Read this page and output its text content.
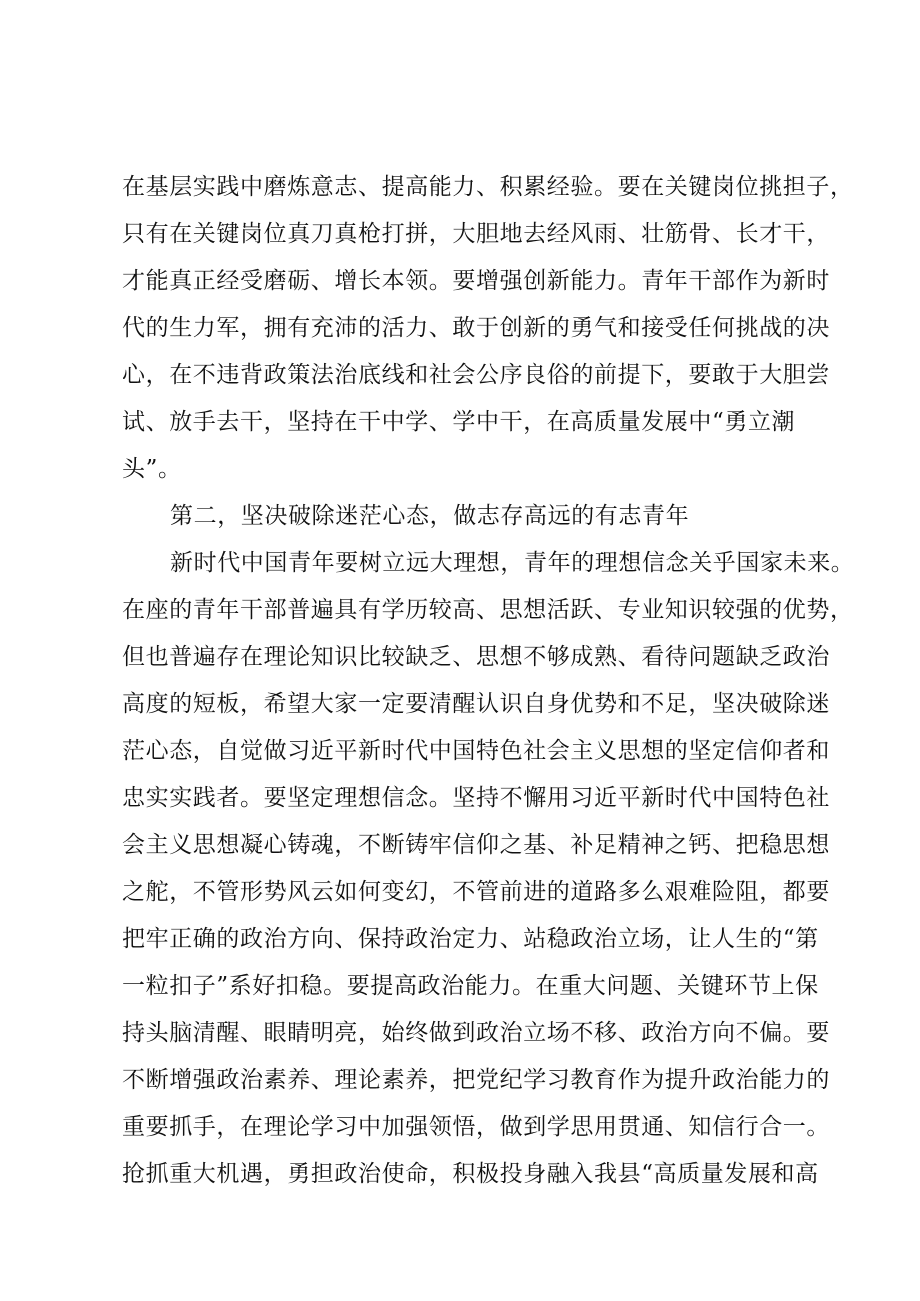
在基层实践中磨炼意志、提高能力、积累经验。要在关键岗位挑担子，
只有在关键岗位真刀真枪打拼，大胆地去经风雨、壮筋骨、长才干，
才能真正经受磨砺、增长本领。要增强创新能力。青年干部作为新时
代的生力军，拥有充沛的活力、敢于创新的勇气和接受任何挑战的决
心，在不违背政策法治底线和社会公序良俗的前提下，要敢于大胆尝
试、放手去干，坚持在干中学、学中干，在高质量发展中“勇立潮
头”。
第二，坚决破除迷茫心态，做志存高远的有志青年
新时代中国青年要树立远大理想，青年的理想信念关乎国家未来。
在座的青年干部普遍具有学历较高、思想活跃、专业知识较强的优势，
但也普遍存在理论知识比较缺乏、思想不够成熟、看待问题缺乏政治
高度的短板，希望大家一定要清醒认识自身优势和不足，坚决破除迷
茫心态，自觉做习近平新时代中国特色社会主义思想的坚定信仰者和
忠实实践者。要坚定理想信念。坚持不懈用习近平新时代中国特色社
会主义思想凝心铸魂，不断铸牢信仰之基、补足精神之钙、把稳思想
之舵，不管形势风云如何变幻，不管前进的道路多么艰难险阻，都要
把牢正确的政治方向、保持政治定力、站稳政治立场，让人生的“第
一粒扣子”系好扣稳。要提高政治能力。在重大问题、关键环节上保
持头脑清醒、眼睛明亮，始终做到政治立场不移、政治方向不偏。要
不断增强政治素养、理论素养，把党纪学习教育作为提升政治能力的
重要抓手，在理论学习中加强领悟，做到学思用贯通、知信行合一。
抢抓重大机遇，勇担政治使命，积极投身融入我县“高质量发展和高
